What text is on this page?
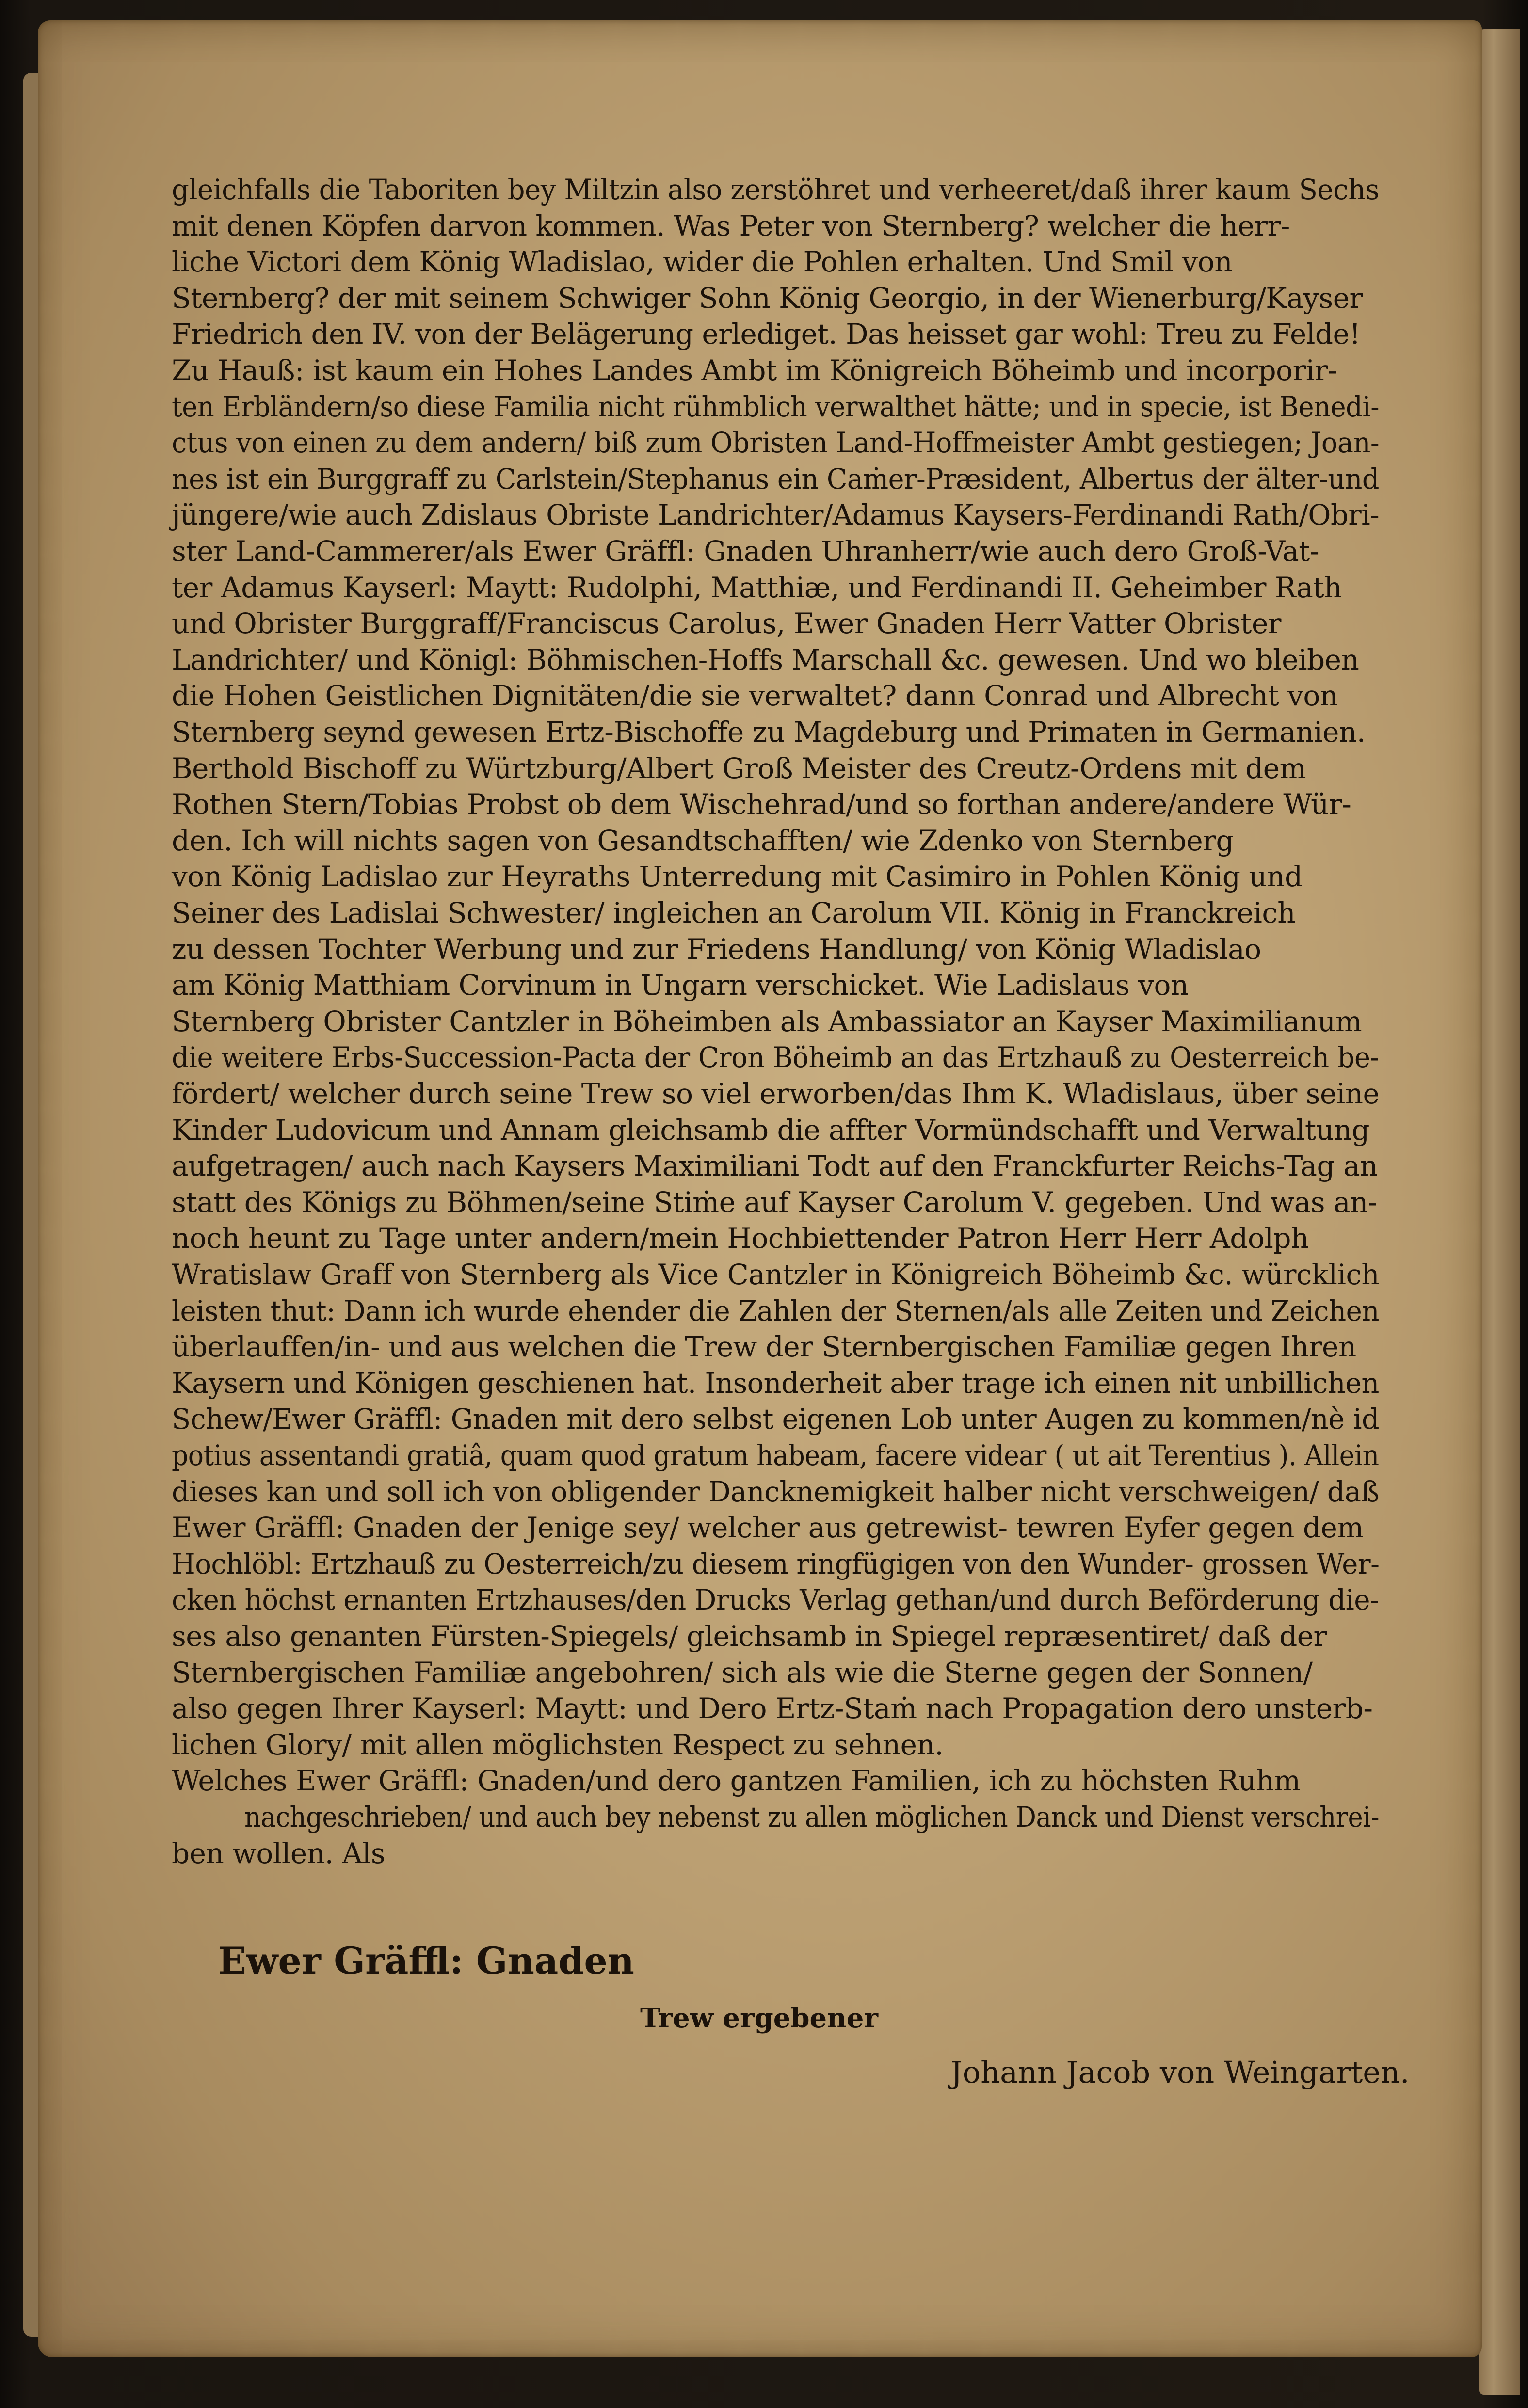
gleichfalls die Taboriten bey Miltzin also zerstöhret und verheeret/daß ihrer kaum Sechs
mit denen Köpfen darvon kommen. Was Peter von Sternberg? welcher die herr-
liche Victori dem König Wladislao, wider die Pohlen erhalten. Und Smil von
Sternberg? der mit seinem Schwiger Sohn König Georgio, in der Wienerburg/Kayser
Friedrich den IV. von der Belägerung erlediget. Das heisset gar wohl: Treu zu Felde!
Zu Hauß: ist kaum ein Hohes Landes Ambt im Königreich Böheimb und incorporir-
ten Erbländern/so diese Familia nicht rühmblich verwalthet hätte; und in specie, ist Benedi-
ctus von einen zu dem andern/ biß zum Obristen Land-Hoffmeister Ambt gestiegen; Joan-
nes ist ein Burggraff zu Carlstein/Stephanus ein Caṁer-Præsident, Albertus der älter-und
jüngere/wie auch Zdislaus Obriste Landrichter/Adamus Kaysers-Ferdinandi Rath/Obri-
ster Land-Cammerer/als Ewer Gräffl: Gnaden Uhranherr/wie auch dero Groß-Vat-
ter Adamus Kayserl: Maytt: Rudolphi, Matthiæ, und Ferdinandi II. Geheimber Rath
und Obrister Burggraff/Franciscus Carolus, Ewer Gnaden Herr Vatter Obrister
Landrichter/ und Königl: Böhmischen-Hoffs Marschall &c. gewesen. Und wo bleiben
die Hohen Geistlichen Dignitäten/die sie verwaltet? dann Conrad und Albrecht von
Sternberg seynd gewesen Ertz-Bischoffe zu Magdeburg und Primaten in Germanien.
Berthold Bischoff zu Würtzburg/Albert Groß Meister des Creutz-Ordens mit dem
Rothen Stern/Tobias Probst ob dem Wischehrad/und so forthan andere/andere Wür-
den. Ich will nichts sagen von Gesandtschafften/ wie Zdenko von Sternberg
von König Ladislao zur Heyraths Unterredung mit Casimiro in Pohlen König und
Seiner des Ladislai Schwester/ ingleichen an Carolum VII. König in Franckreich
zu dessen Tochter Werbung und zur Friedens Handlung/ von König Wladislao
am König Matthiam Corvinum in Ungarn verschicket. Wie Ladislaus von
Sternberg Obrister Cantzler in Böheimben als Ambassiator an Kayser Maximilianum
die weitere Erbs-Succession-Pacta der Cron Böheimb an das Ertzhauß zu Oesterreich be-
fördert/ welcher durch seine Trew so viel erworben/das Ihm K. Wladislaus, über seine
Kinder Ludovicum und Annam gleichsamb die affter Vormündschafft und Verwaltung
aufgetragen/ auch nach Kaysers Maximiliani Todt auf den Franckfurter Reichs-Tag an
statt des Königs zu Böhmen/seine Stiṁe auf Kayser Carolum V. gegeben. Und was an-
noch heunt zu Tage unter andern/mein Hochbiettender Patron Herr Herr Adolph
Wratislaw Graff von Sternberg als Vice Cantzler in Königreich Böheimb &c. würcklich
leisten thut: Dann ich wurde ehender die Zahlen der Sternen/als alle Zeiten und Zeichen
überlauffen/in- und aus welchen die Trew der Sternbergischen Familiæ gegen Ihren
Kaysern und Königen geschienen hat. Insonderheit aber trage ich einen nit unbillichen
Schew/Ewer Gräffl: Gnaden mit dero selbst eigenen Lob unter Augen zu kommen/nè id
potius assentandi gratiâ, quam quod gratum habeam, facere videar ( ut ait Terentius ). Allein
dieses kan und soll ich von obligender Dancknemigkeit halber nicht verschweigen/ daß
Ewer Gräffl: Gnaden der Jenige sey/ welcher aus getrewist- tewren Eyfer gegen dem
Hochlöbl: Ertzhauß zu Oesterreich/zu diesem ringfügigen von den Wunder- grossen Wer-
cken höchst ernanten Ertzhauses/den Drucks Verlag gethan/und durch Beförderung die-
ses also genanten Fürsten-Spiegels/ gleichsamb in Spiegel repræsentiret/ daß der
Sternbergischen Familiæ angebohren/ sich als wie die Sterne gegen der Sonnen/
also gegen Ihrer Kayserl: Maytt: und Dero Ertz-Staṁ nach Propagation dero unsterb-
lichen Glory/ mit allen möglichsten Respect zu sehnen.
Welches Ewer Gräffl: Gnaden/und dero gantzen Familien, ich zu höchsten Ruhm
nachgeschrieben/ und auch bey nebenst zu allen möglichen Danck und Dienst verschrei-
ben wollen. Als
Ewer Gräffl: Gnaden
Trew ergebener
Johann Jacob von Weingarten.
